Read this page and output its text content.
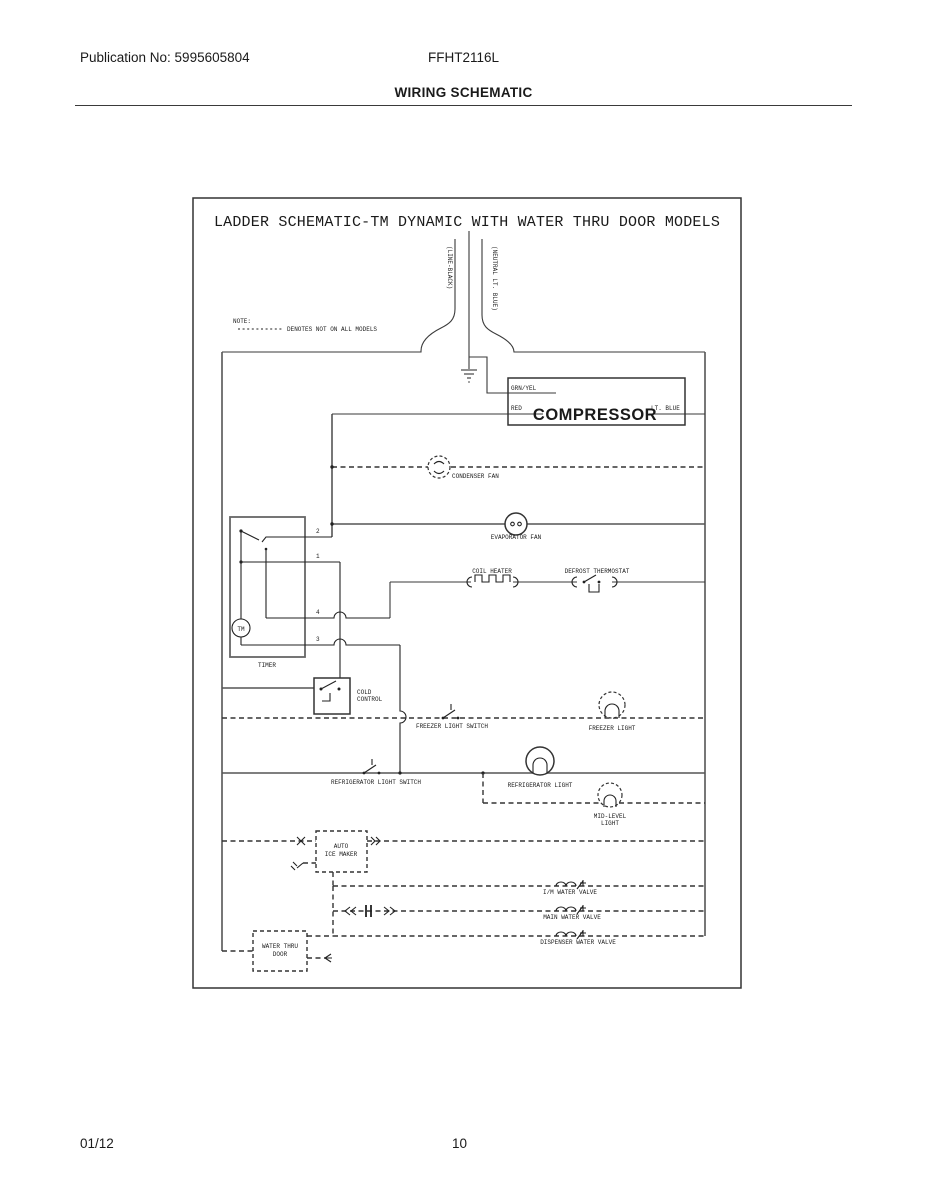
Publication No: 5995605804	FFHT2116L
WIRING SCHEMATIC
LADDER SCHEMATIC-TM DYNAMIC WITH WATER THRU DOOR MODELS
NOTE:
DENOTES NOT ON ALL MODELS
(LINE-BLACK)	(NEUTRAL LT. BLUE)
GRN/YEL
RED COMPRESSOR
LT. BLUE
CONDENSER FAN
EVAPORATOR FAN
COIL HEATER	DEFROST THERMOSTAT
TIMER
TM
2
1
4
3
COLD
CONTROL
FREEZER LIGHT SWITCH	FREEZER LIGHT
REFRIGERATOR LIGHT SWITCH	REFRIGERATOR LIGHT
MID-LEVEL
LIGHT
AUTO
ICE MAKER
I/M WATER VALVE
MAIN WATER VALVE
DISPENSER WATER VALVE
WATER THRU
DOOR
01/12	10
